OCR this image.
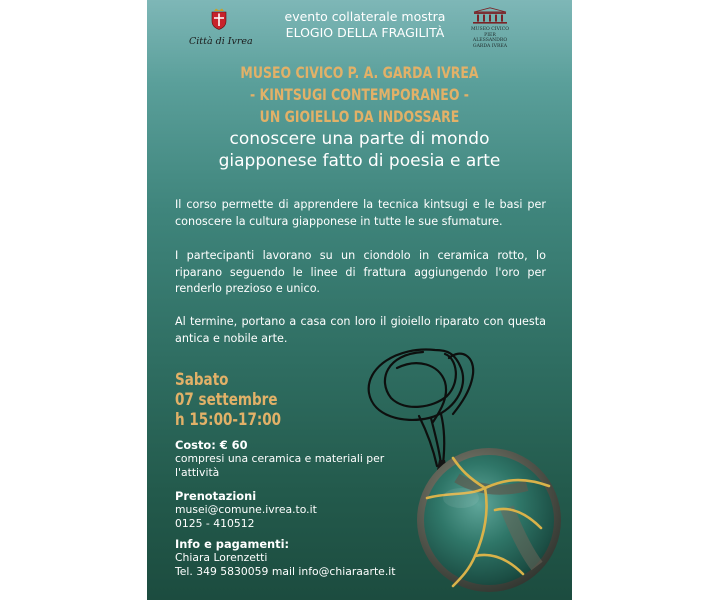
Città di Ivrea
evento collaterale mostra
ELOGIO DELLA FRAGILITÀ	MUSEO CIVICO PIER ALESSANDRO GARDA IVREA
MUSEO CIVICO P. A. GARDA IVREA
- KINTSUGI CONTEMPORANEO -
UN GIOIELLO DA INDOSSARE
conoscere una parte di mondo
giapponese fatto di poesia e arte

Il corso permette di apprendere la tecnica kintsugi e le basi per conoscere la cultura giapponese in tutte le sue sfumature.

I partecipanti lavorano su un ciondolo in ceramica rotto, lo riparano seguendo le linee di frattura aggiungendo l'oro per renderlo prezioso e unico.

Al termine, portano a casa con loro il gioiello riparato con questa antica e nobile arte.

Sabato
07 settembre
h 15:00-17:00
Costo: € 60
compresi una ceramica e materiali per
l'attività
Prenotazioni
musei@comune.ivrea.to.it
0125 - 410512
Info e pagamenti:
Chiara Lorenzetti
Tel. 349 5830059 mail info@chiaraarte.it
